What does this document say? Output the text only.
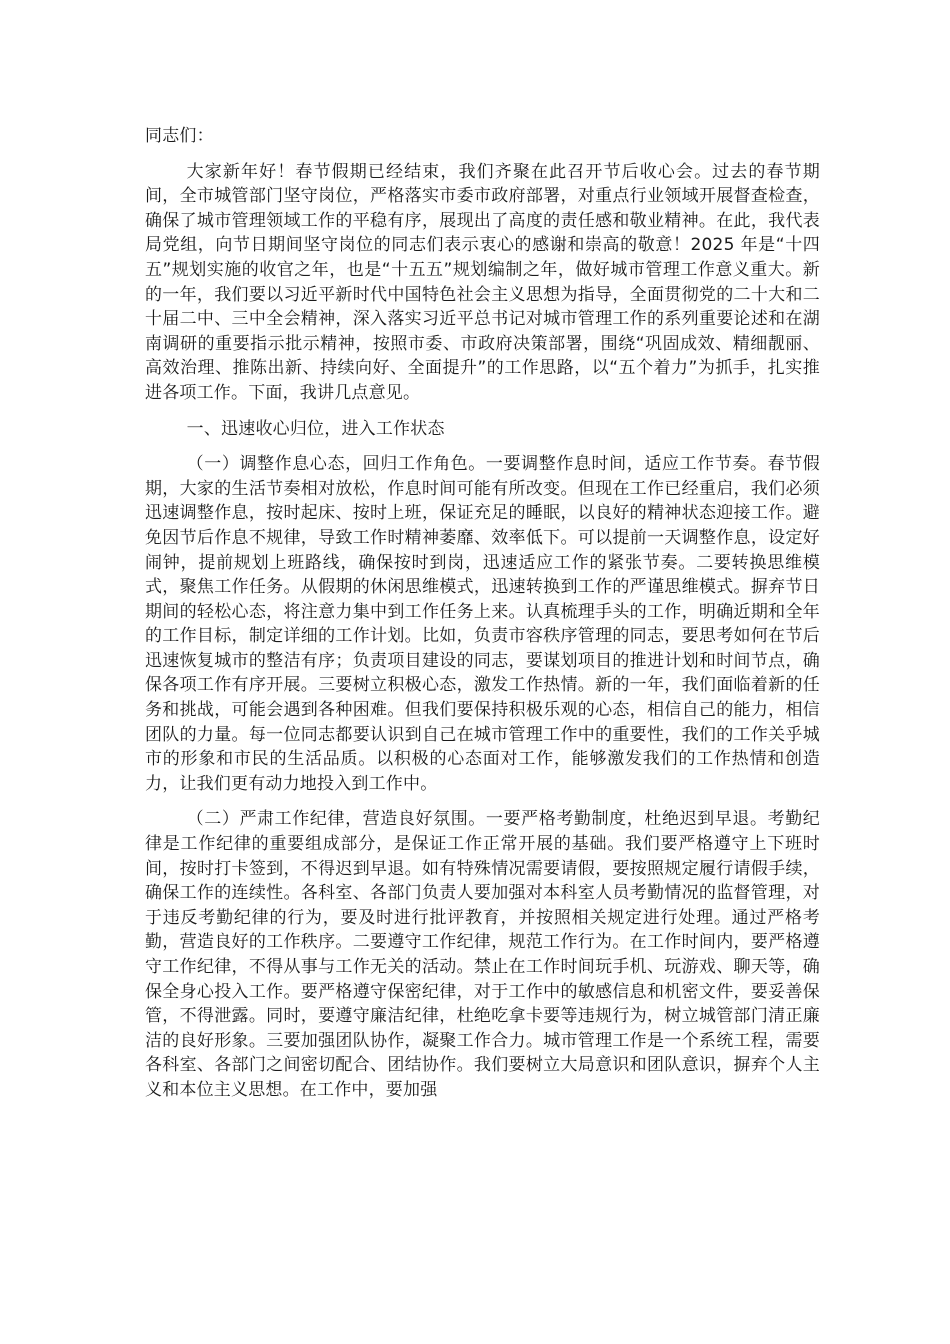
同志们：

大家新年好！春节假期已经结束，我们齐聚在此召开节后收心会。过去的春节期间，全市城管部门坚守岗位，严格落实市委市政府部署，对重点行业领域开展督查检查，确保了城市管理领域工作的平稳有序，展现出了高度的责任感和敬业精神。在此，我代表局党组，向节日期间坚守岗位的同志们表示衷心的感谢和崇高的敬意！2025 年是“十四五”规划实施的收官之年，也是“十五五”规划编制之年，做好城市管理工作意义重大。新的一年，我们要以习近平新时代中国特色社会主义思想为指导，全面贯彻党的二十大和二十届二中、三中全会精神，深入落实习近平总书记对城市管理工作的系列重要论述和在湖南调研的重要指示批示精神，按照市委、市政府决策部署，围绕“巩固成效、精细靓丽、高效治理、推陈出新、持续向好、全面提升”的工作思路，以“五个着力”为抓手，扎实推进各项工作。下面，我讲几点意见。

一、迅速收心归位，进入工作状态

（一）调整作息心态，回归工作角色。一要调整作息时间，适应工作节奏。春节假期，大家的生活节奏相对放松，作息时间可能有所改变。但现在工作已经重启，我们必须迅速调整作息，按时起床、按时上班，保证充足的睡眠，以良好的精神状态迎接工作。避免因节后作息不规律，导致工作时精神萎靡、效率低下。可以提前一天调整作息，设定好闹钟，提前规划上班路线，确保按时到岗，迅速适应工作的紧张节奏。二要转换思维模式，聚焦工作任务。从假期的休闲思维模式，迅速转换到工作的严谨思维模式。摒弃节日期间的轻松心态，将注意力集中到工作任务上来。认真梳理手头的工作，明确近期和全年的工作目标，制定详细的工作计划。比如，负责市容秩序管理的同志，要思考如何在节后迅速恢复城市的整洁有序；负责项目建设的同志，要谋划项目的推进计划和时间节点，确保各项工作有序开展。三要树立积极心态，激发工作热情。新的一年，我们面临着新的任务和挑战，可能会遇到各种困难。但我们要保持积极乐观的心态，相信自己的能力，相信团队的力量。每一位同志都要认识到自己在城市管理工作中的重要性，我们的工作关乎城市的形象和市民的生活品质。以积极的心态面对工作，能够激发我们的工作热情和创造力，让我们更有动力地投入到工作中。

（二）严肃工作纪律，营造良好氛围。一要严格考勤制度，杜绝迟到早退。考勤纪律是工作纪律的重要组成部分，是保证工作正常开展的基础。我们要严格遵守上下班时间，按时打卡签到，不得迟到早退。如有特殊情况需要请假，要按照规定履行请假手续，确保工作的连续性。各科室、各部门负责人要加强对本科室人员考勤情况的监督管理，对于违反考勤纪律的行为，要及时进行批评教育，并按照相关规定进行处理。通过严格考勤，营造良好的工作秩序。二要遵守工作纪律，规范工作行为。在工作时间内，要严格遵守工作纪律，不得从事与工作无关的活动。禁止在工作时间玩手机、玩游戏、聊天等，确保全身心投入工作。要严格遵守保密纪律，对于工作中的敏感信息和机密文件，要妥善保管，不得泄露。同时，要遵守廉洁纪律，杜绝吃拿卡要等违规行为，树立城管部门清正廉洁的良好形象。三要加强团队协作，凝聚工作合力。城市管理工作是一个系统工程，需要各科室、各部门之间密切配合、团结协作。我们要树立大局意识和团队意识，摒弃个人主义和本位主义思想。在工作中，要加强
